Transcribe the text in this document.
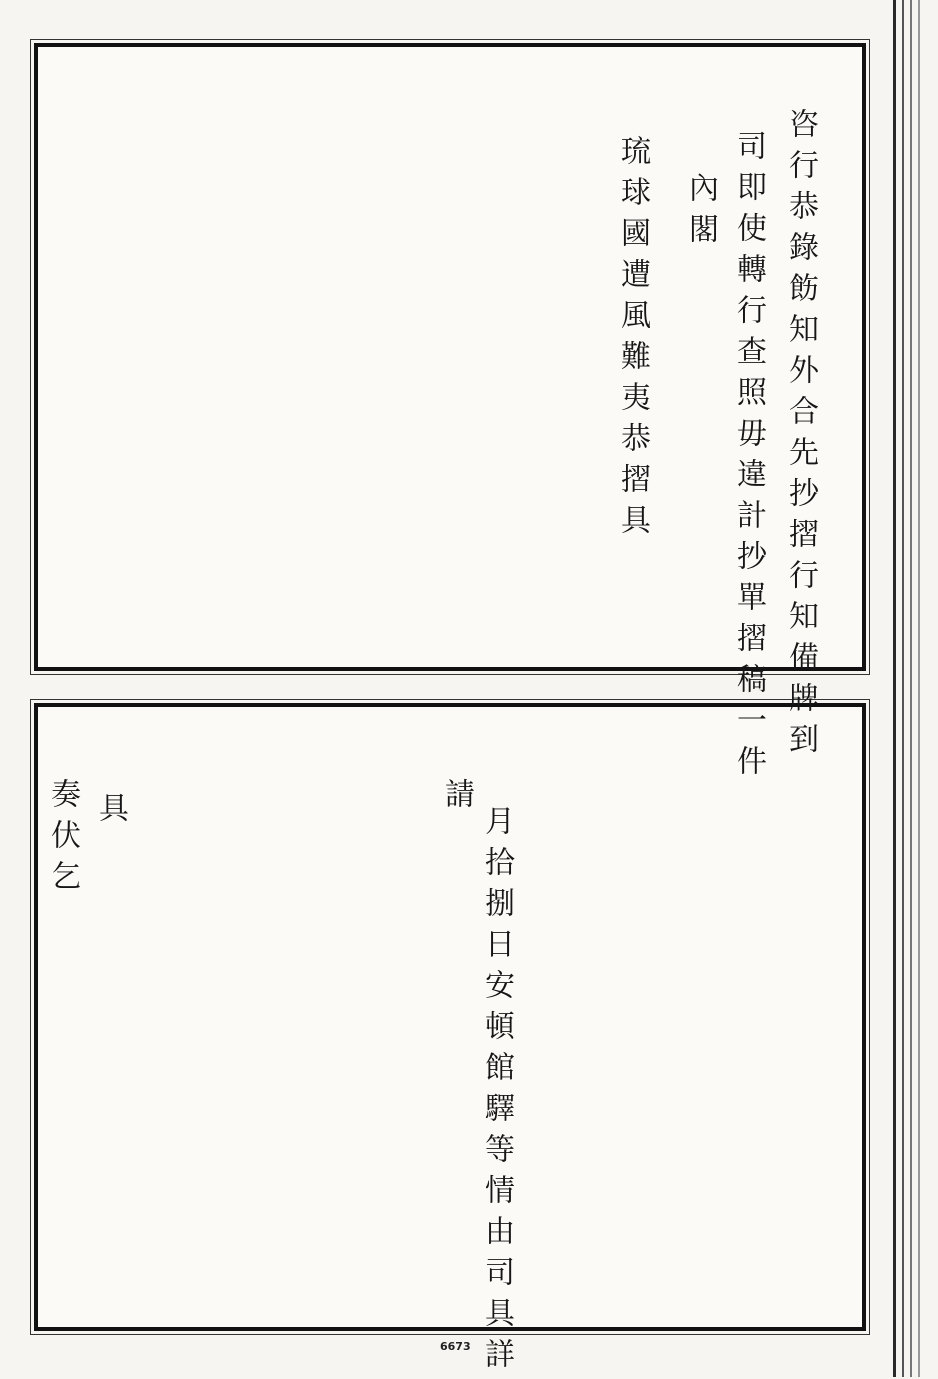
琉球國遭風難夷恭摺具 內閣 司即使轉行查照毋違計抄單摺稿一件 咨行恭錄飭知外合先抄摺行知備牌到
奏伏乞 具	請
月拾捌日安頓館驛等情由司具詳
6673
